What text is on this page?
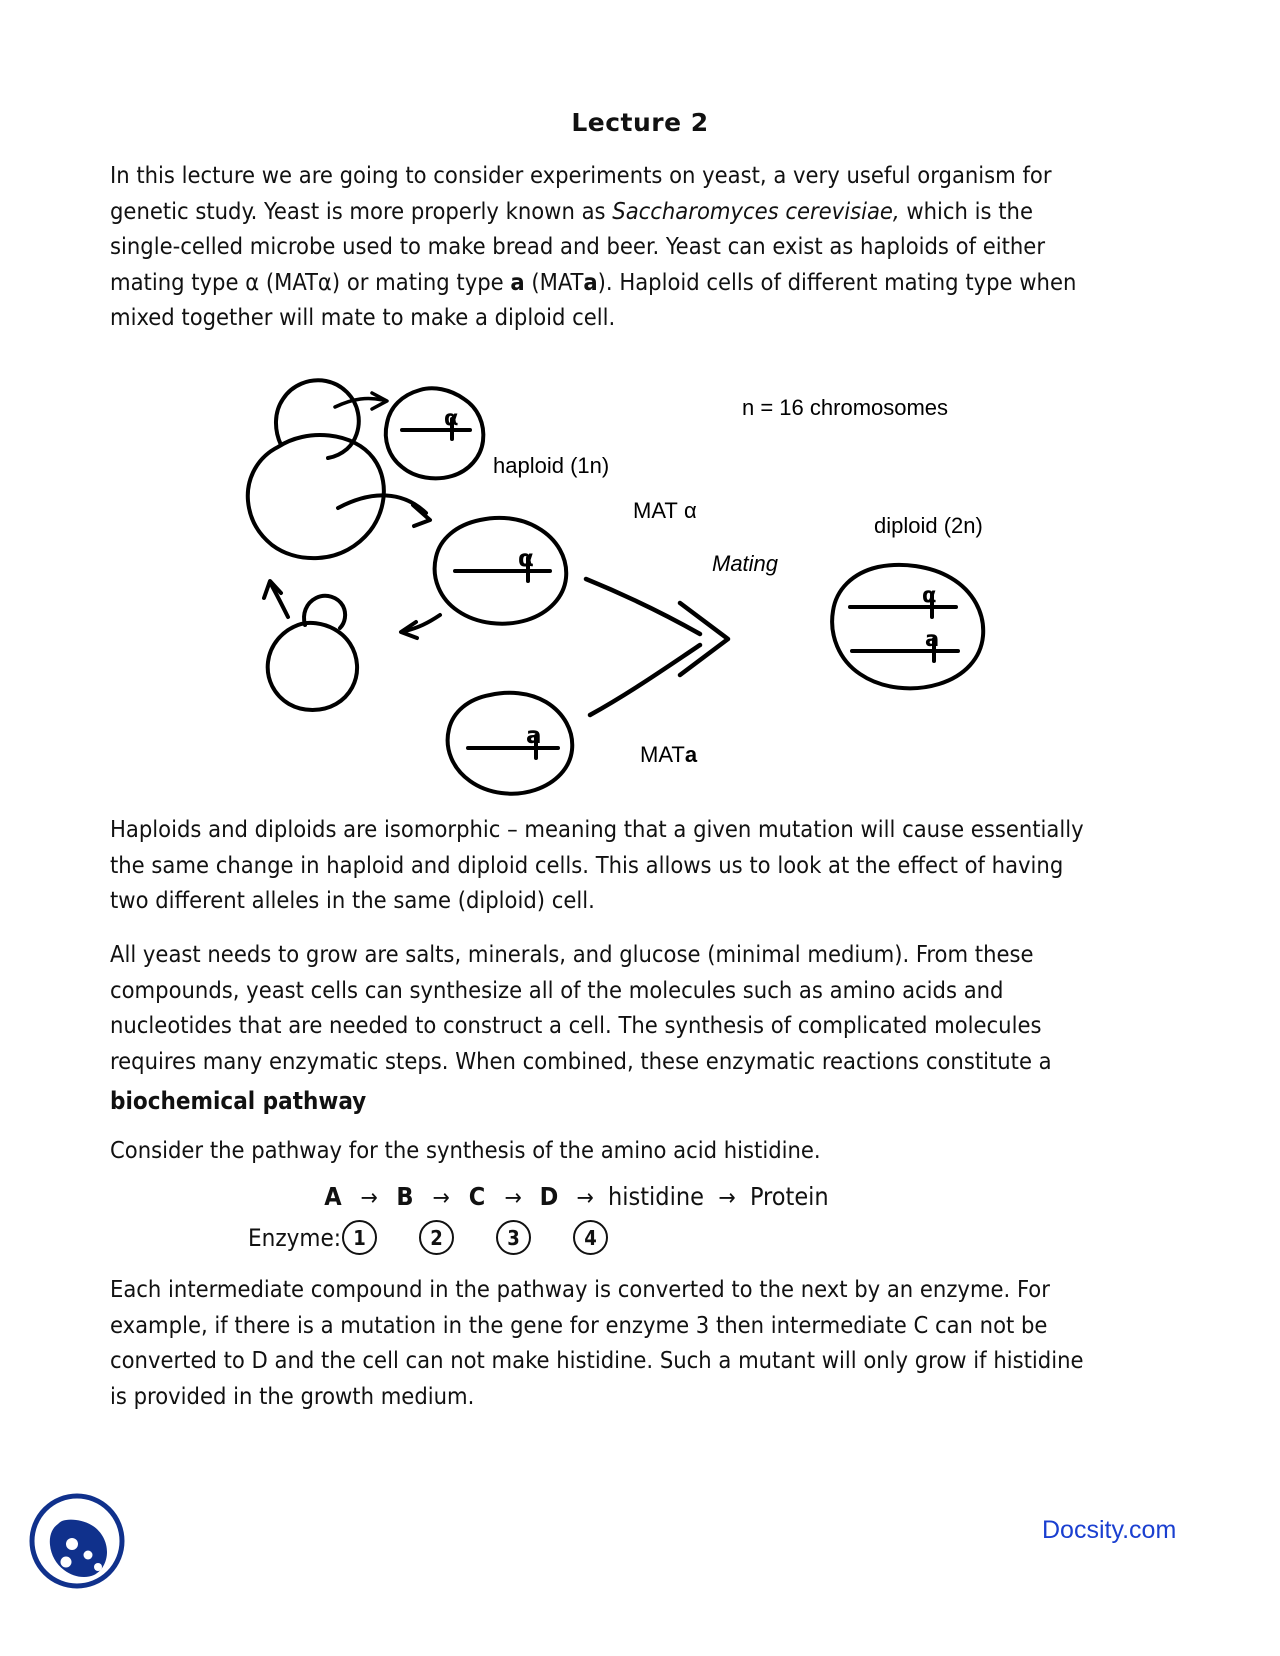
Lecture 2
In this lecture we are going to consider experiments on yeast, a very useful organism for genetic study. Yeast is more properly known as Saccharomyces cerevisiae, which is the single-celled microbe used to make bread and beer. Yeast can exist as haploids of either mating type α (MATα) or mating type a (MATa). Haploid cells of different mating type when mixed together will mate to make a diploid cell.
α
α
a
α
a
n = 16 chromosomes
haploid (1n)
MAT α
diploid (2n)
Mating
MATa
Haploids and diploids are isomorphic – meaning that a given mutation will cause essentially the same change in haploid and diploid cells. This allows us to look at the effect of having two different alleles in the same (diploid) cell.
All yeast needs to grow are salts, minerals, and glucose (minimal medium). From these compounds, yeast cells can synthesize all of the molecules such as amino acids and nucleotides that are needed to construct a cell. The synthesis of complicated molecules requires many enzymatic steps. When combined, these enzymatic reactions constitute a
biochemical pathway
Consider the pathway for the synthesis of the amino acid histidine.
A → B → C → D → histidine → Protein
Enzyme: 1	2	3	4
Each intermediate compound in the pathway is converted to the next by an enzyme. For example, if there is a mutation in the gene for enzyme 3 then intermediate C can not be converted to D and the cell can not make histidine. Such a mutant will only grow if histidine is provided in the growth medium.
Docsity.com
